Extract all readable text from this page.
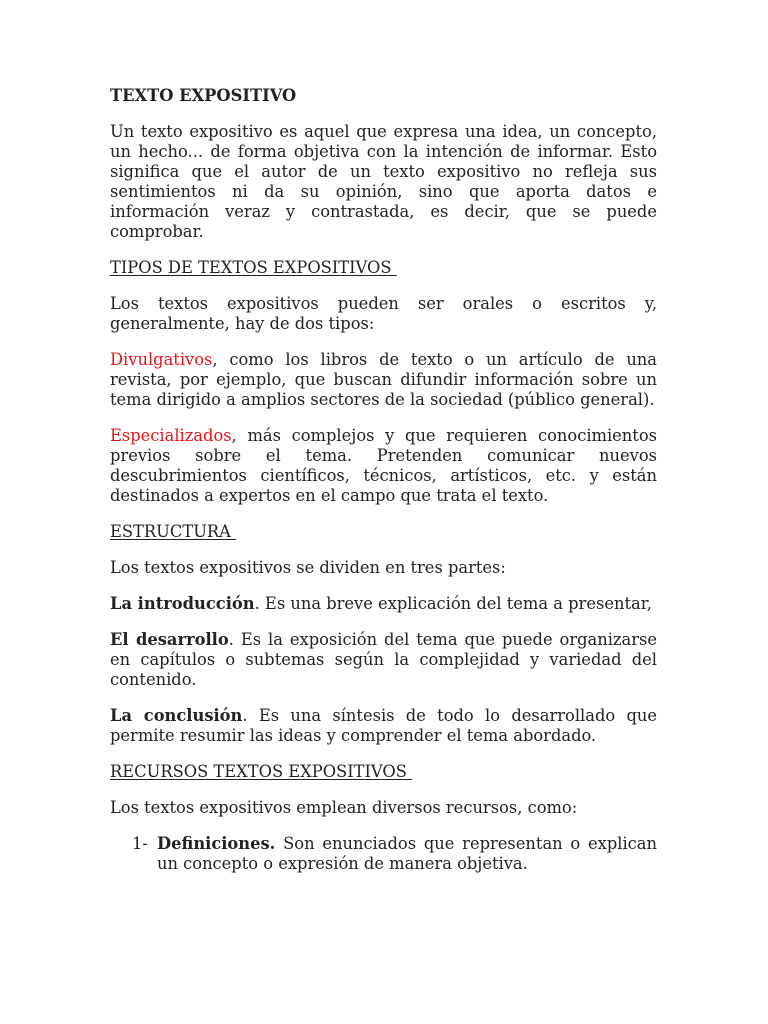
TEXTO EXPOSITIVO

Un texto expositivo es aquel que expresa una idea, un concepto, un hecho... de forma objetiva con la intención de informar. Esto significa que el autor de un texto expositivo no refleja sus sentimientos ni da su opinión, sino que aporta datos e información veraz y contrastada, es decir, que se puede comprobar.

TIPOS DE TEXTOS EXPOSITIVOS

Los textos expositivos pueden ser orales o escritos y, generalmente, hay de dos tipos:

Divulgativos, como los libros de texto o un artículo de una revista, por ejemplo, que buscan difundir información sobre un tema dirigido a amplios sectores de la sociedad (público general).

Especializados, más complejos y que requieren conocimientos previos sobre el tema. Pretenden comunicar nuevos descubrimientos científicos, técnicos, artísticos, etc. y están destinados a expertos en el campo que trata el texto.

ESTRUCTURA

Los textos expositivos se dividen en tres partes:

La introducción. Es una breve explicación del tema a presentar,

El desarrollo. Es la exposición del tema que puede organizarse en capítulos o subtemas según la complejidad y variedad del contenido.

La conclusión. Es una síntesis de todo lo desarrollado que permite resumir las ideas y comprender el tema abordado.

RECURSOS TEXTOS EXPOSITIVOS

Los textos expositivos emplean diversos recursos, como:

1- Definiciones. Son enunciados que representan o explican un concepto o expresión de manera objetiva.
